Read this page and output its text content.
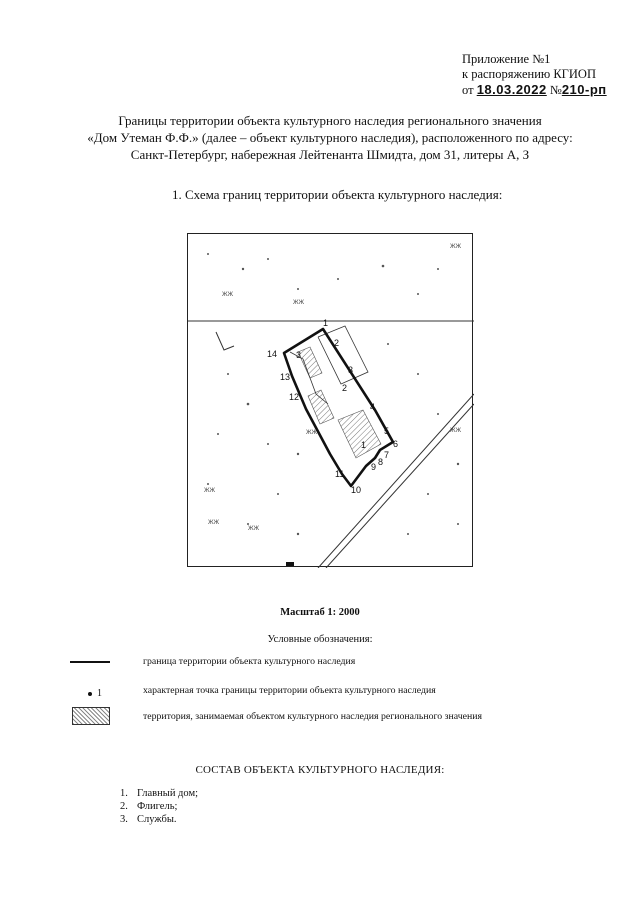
Приложение №1
к распоряжению КГИОП
от 18.03.2022 №210-рп
Границы территории объекта культурного наследия регионального значения
«Дом Утеман Ф.Ф.» (далее – объект культурного наследия), расположенного по адресу:
Санкт-Петербург, набережная Лейтенанта Шмидта, дом 31, литеры А, З
1. Схема границ территории объекта культурного наследия:
ЖЖ
ЖЖ
ЖЖ
ЖЖ
ЖЖ
ЖЖ
ЖЖ
ЖЖ
1
2
3
4
5
6
7
8
9
10
11
12
13
14
1
2
3
Масштаб 1: 2000
Условные обозначения:
граница территории объекта культурного наследия
1	характерная точка границы территории объекта культурного наследия
территория, занимаемая объектом культурного наследия регионального значения
СОСТАВ ОБЪЕКТА КУЛЬТУРНОГО НАСЛЕДИЯ:
1. Главный дом;
2. Флигель;
3. Службы.
